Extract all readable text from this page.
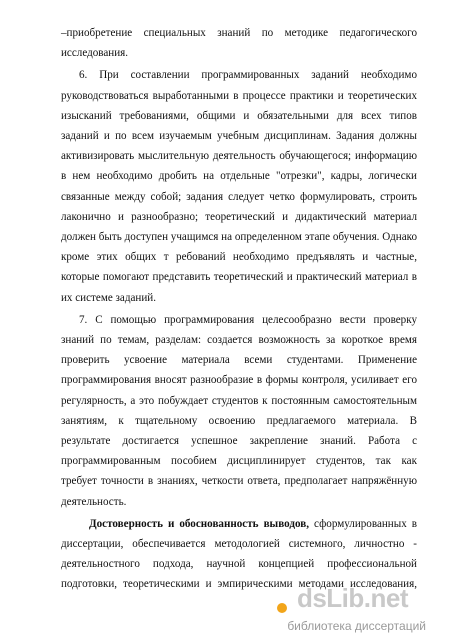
–приобретение специальных знаний по методике педагогического исследования.

6. При составлении программированных заданий необходимо руководствоваться выработанными в процессе практики и теоретических изысканий требованиями, общими и обязательными для всех типов заданий и по всем изучаемым учебным дисциплинам. Задания должны активизировать мыслительную деятельность обучающегося; информацию в нем необходимо дробить на отдельные "отрезки", кадры, логически связанные между собой; задания следует четко формулировать, строить лаконично и разнообразно; теоретический и дидактический материал должен быть доступен учащимся на определенном этапе обучения. Однако кроме этих общих т ребований необходимо предъявлять и частные, которые помогают представить теоретический и практический материал в их системе заданий.

7. С помощью программирования целесообразно вести проверку знаний по темам, разделам: создается возможность за короткое время проверить усвоение материала всеми студентами. Применение программирования вносят разнообразие в формы контроля, усиливает его регулярность, а это побуждает студентов к постоянным самостоятельным занятиям, к тщательному освоению предлагаемого материала. В результате достигается успешное закрепление знаний. Работа с программированным пособием дисциплинирует студентов, так как требует точности в знаниях, четкости ответа, предполагает напряжённую деятельность.

Достоверность и обоснованность выводов, сформулированных в диссертации, обеспечивается методологией системного, личностно - деятельностного подхода, научной концепцией профессиональной подготовки, теоретическими и эмпирическими методами исследования,

dsLib.net
библиотека диссертаций
